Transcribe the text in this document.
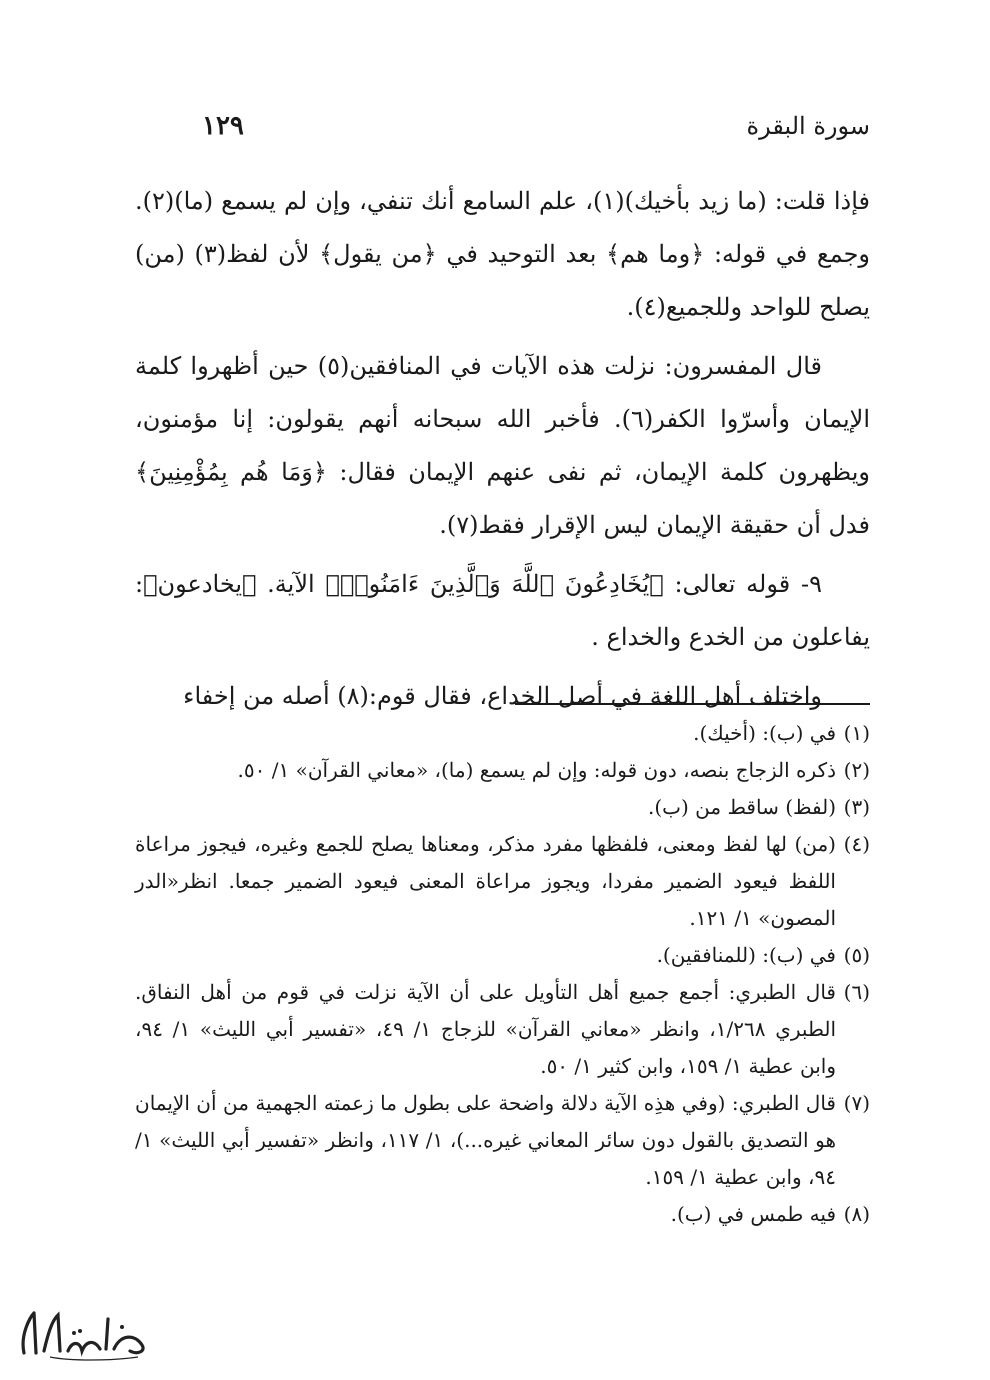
سورة البقرة
١٢٩

فإذا قلت: (ما زيد بأخيك)(١)، علم السامع أنك تنفي، وإن لم يسمع (ما)(٢). وجمع في قوله: ﴿وما هم﴾ بعد التوحيد في ﴿من يقول﴾ لأن لفظ(٣) (من) يصلح للواحد وللجميع(٤).

قال المفسرون: نزلت هذه الآيات في المنافقين(٥) حين أظهروا كلمة الإيمان وأسرّوا الكفر(٦). فأخبر الله سبحانه أنهم يقولون: إنا مؤمنون، ويظهرون كلمة الإيمان، ثم نفى عنهم الإيمان فقال: ﴿وَمَا هُم بِمُؤْمِنِينَ﴾ فدل أن حقيقة الإيمان ليس الإقرار فقط(٧).

٩- قوله تعالى: ﴿يُخَادِعُونَ ٱللَّهَ وَٱلَّذِينَ ءَامَنُوا۟﴾ الآية. ﴿يخادعون﴾: يفاعلون من الخدع والخداع .

واختلف أهل اللغة في أصل الخداع، فقال قوم:(٨) أصله من إخفاء

(١)في (ب): (أخيك).

(٢)ذكره الزجاج بنصه، دون قوله: وإن لم يسمع (ما)، «معاني القرآن» ١/ ٥٠.

(٣)(لفظ) ساقط من (ب).

(٤)(من) لها لفظ ومعنى، فلفظها مفرد مذكر، ومعناها يصلح للجمع وغيره، فيجوز مراعاة اللفظ فيعود الضمير مفردا، ويجوز مراعاة المعنى فيعود الضمير جمعا. انظر«الدر المصون» ١/ ١٢١.

(٥)في (ب): (للمنافقين).

(٦)قال الطبري: أجمع جميع أهل التأويل على أن الآية نزلت في قوم من أهل النفاق. الطبري ١/٢٦٨، وانظر «معاني القرآن» للزجاج ١/ ٤٩، «تفسير أبي الليث» ١/ ٩٤، وابن عطية ١/ ١٥٩، وابن كثير ١/ ٥٠.

(٧)قال الطبري: (وفي هذِه الآية دلالة واضحة على بطول ما زعمته الجهمية من أن الإيمان هو التصديق بالقول دون سائر المعاني غيره...)، ١/ ١١٧، وانظر «تفسير أبي الليث» ١/ ٩٤، وابن عطية ١/ ١٥٩.

(٨)فيه طمس في (ب).
